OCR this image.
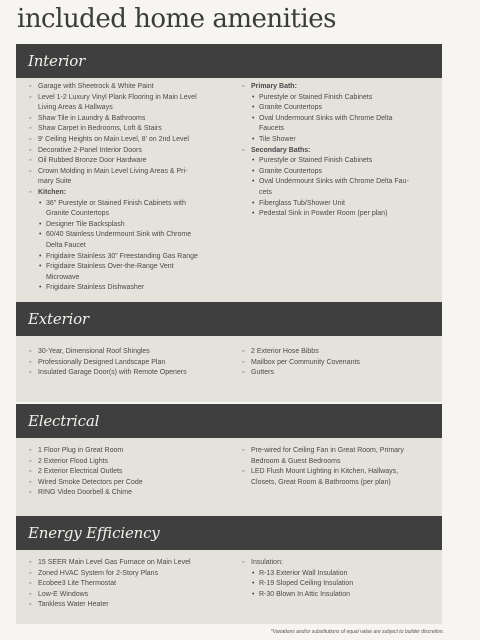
included home amenities
Interior
◦ Garage with Sheetrock & White Paint
◦ Level 1-2 Luxury Vinyl Plank Flooring in Main Level
Living Areas & Hallways
◦ Shaw Tile in Laundry & Bathrooms
◦ Shaw Carpet in Bedrooms, Loft & Stairs
◦ 9' Ceiling Heights on Main Level, 8' on 2nd Level
◦ Decorative 2-Panel Interior Doors
◦ Oil Rubbed Bronze Door Hardware
◦ Crown Molding in Main Level Living Areas & Pri-
mary Suite
◦ Kitchen:
• 36" Purestyle or Stained Finish Cabinets with
Granite Countertops
• Designer Tile Backsplash
• 60/40 Stainless Undermount Sink with Chrome
Delta Faucet
• Frigidaire Stainless 30" Freestanding Gas Range
• Frigidaire Stainless Over-the-Range Vent
Microwave
• Frigidaire Stainless Dishwasher
◦ Primary Bath:
• Purestyle or Stained Finish Cabinets
• Granite Countertops
• Oval Undermount Sinks with Chrome Delta
Faucets
• Tile Shower
◦ Secondary Baths:
• Purestyle or Stained Finish Cabinets
• Granite Countertops
• Oval Undermount Sinks with Chrome Delta Fau-
cets
• Fiberglass Tub/Shower Unit
• Pedestal Sink in Powder Room (per plan)
Exterior
◦ 30-Year, Dimensional Roof Shingles
◦ Professionally Designed Landscape Plan
◦ Insulated Garage Door(s) with Remote Openers
◦ 2 Exterior Hose Bibbs
◦ Mailbox per Community Covenants
◦ Gutters
Electrical
◦ 1 Floor Plug in Great Room
◦ 2 Exterior Flood Lights
◦ 2 Exterior Electrical Outlets
◦ Wired Smoke Detectors per Code
◦ RING Video Doorbell & Chime
◦ Pre-wired for Ceiling Fan in Great Room, Primary
Bedroom & Guest Bedrooms
◦ LED Flush Mount Lighting in Kitchen, Hallways,
Closets, Great Room & Bathrooms (per plan)
Energy Efficiency
◦ 15 SEER Main Level Gas Furnace on Main Level
◦ Zoned HVAC System for 2-Story Plans
◦ Ecobee3 Lite Thermostat
◦ Low-E Windows
◦ Tankless Water Heater
◦ Insulation:
• R-13 Exterior Wall Insulation
• R-19 Sloped Ceiling Insulation
• R-30 Blown In Attic Insulation
*Variations and/or substitutions of equal value are subject to builder discretion.
